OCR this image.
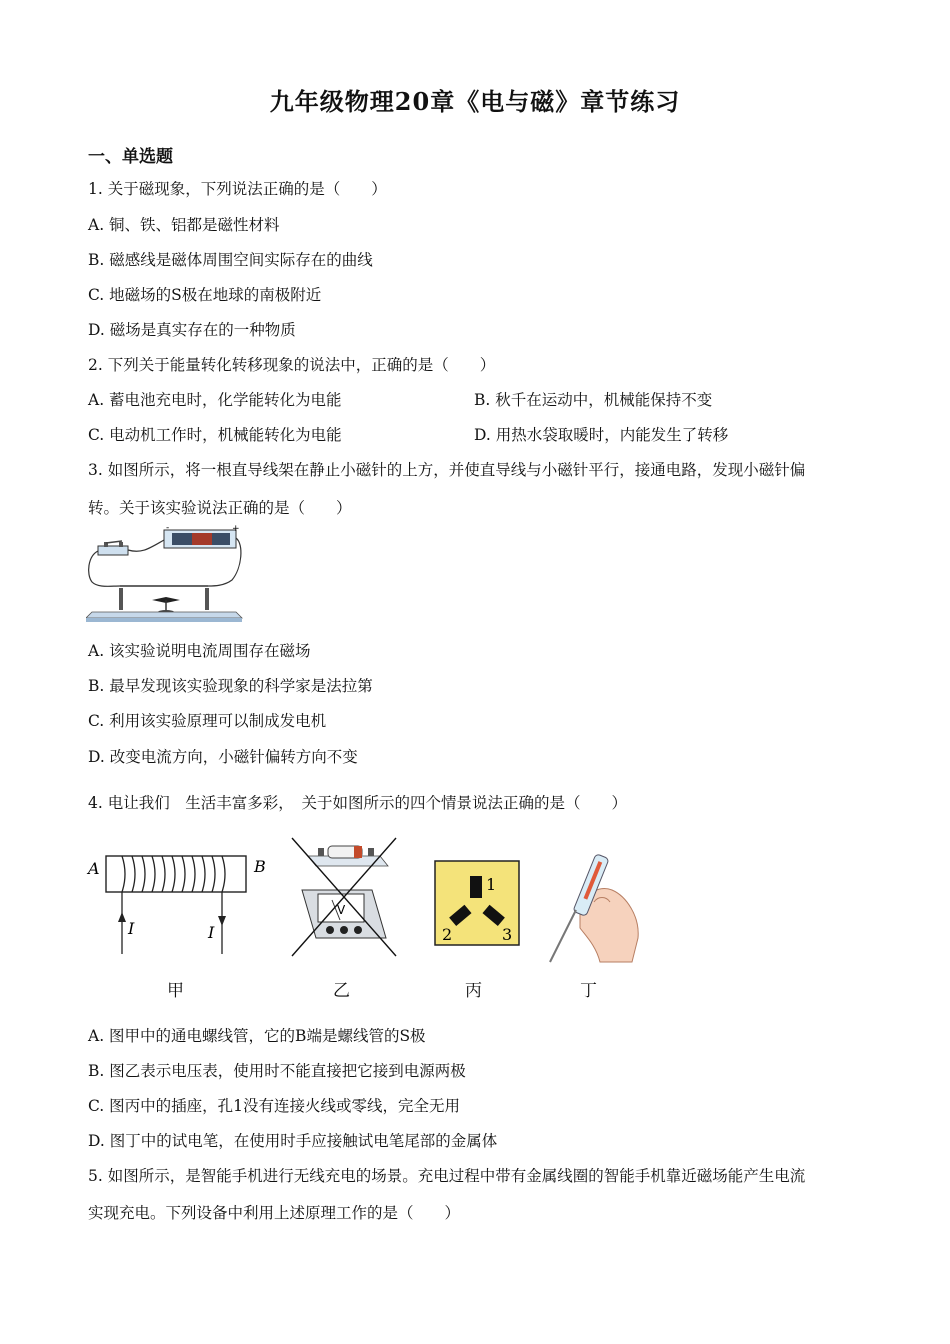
九年级物理20章《电与磁》章节练习
一、单选题
1. 关于磁现象，下列说法正确的是（　　）
A. 铜、铁、铝都是磁性材料
B. 磁感线是磁体周围空间实际存在的曲线
C. 地磁场的S极在地球的南极附近
D. 磁场是真实存在的一种物质
2. 下列关于能量转化转移现象的说法中，正确的是（　　）
A. 蓄电池充电时，化学能转化为电能	B. 秋千在运动中，机械能保持不变
C. 电动机工作时，机械能转化为电能	D. 用热水袋取暖时，内能发生了转移
3. 如图所示，将一根直导线架在静止小磁针的上方，并使直导线与小磁针平行，接通电路，发现小磁针偏
转。关于该实验说法正确的是（　　）
-	+
A. 该实验说明电流周围存在磁场
B. 最早发现该实验现象的科学家是法拉第
C. 利用该实验原理可以制成发电机
D. 改变电流方向，小磁针偏转方向不变
4. 电让我们　生活丰富多彩，　关于如图所示的四个情景说法正确的是（　　）
A	B
I	I
V
1
2	3
甲	乙	丙	丁
A. 图甲中的通电螺线管，它的B端是螺线管的S极
B. 图乙表示电压表，使用时不能直接把它接到电源两极
C. 图丙中的插座，孔1没有连接火线或零线，完全无用
D. 图丁中的试电笔，在使用时手应接触试电笔尾部的金属体
5. 如图所示，是智能手机进行无线充电的场景。充电过程中带有金属线圈的智能手机靠近磁场能产生电流
实现充电。下列设备中利用上述原理工作的是（　　）
